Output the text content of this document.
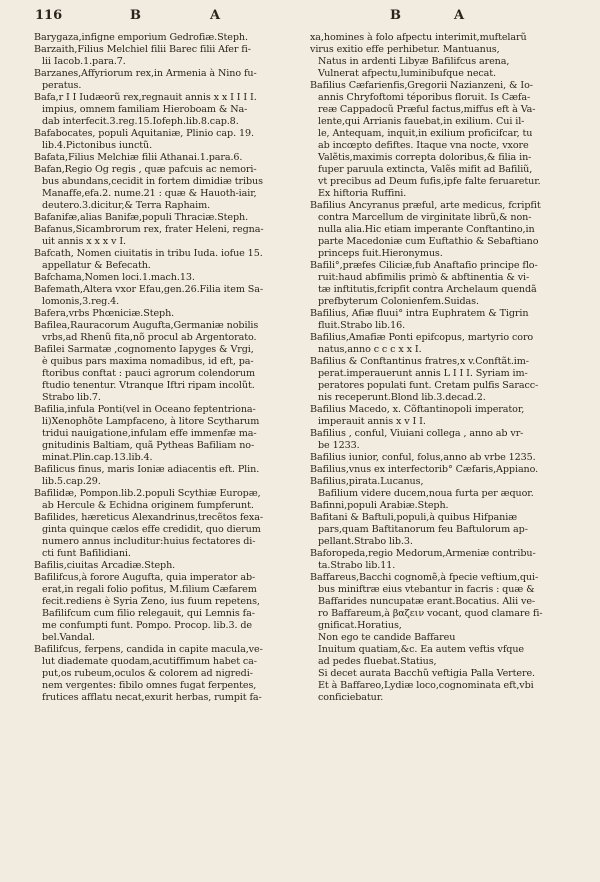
116	B	A	B	A
Barygaza,infigne emporium Gedrofiæ.Steph.
Barzaith,Filius Melchiel filii Barec filii Afer fi-
lii Iacob.1.para.7.
Barzanes,Affyriorum rex,in Armenia à Nino fu-
peratus.
Bafa,r I I Iudæorũ rex,regnauit annis x x I I I I.
impius, omnem familiam Hieroboam & Na-
dab interfecit.3.reg.15.Iofeph.lib.8.cap.8.
Bafabocates, populi Aquitaniæ, Plinio cap. 19.
lib.4.Pictonibus iunctũ.
Bafata,Filius Melchiæ filii Athanai.1.para.6.
Bafan,Regio Og regis , quæ pafcuis ac nemori-
bus abundans,cecidit in fortem dimidiæ tribus
Manaffe,efa.2. nume.21 : quæ & Hauoth-iair,
deutero.3.dicitur,& Terra Raphaim.
Bafanifæ,alias Banifæ,populi Thraciæ.Steph.
Bafanus,Sicambrorum rex, frater Heleni, regna-
uit annis x x x v I.
Bafcath, Nomen ciuitatis in tribu Iuda. iofue 15.
appellatur & Befecath.
Bafchama,Nomen loci.1.mach.13.
Bafemath,Altera vxor Efau,gen.26.Filia item Sa-
lomonis,3.reg.4.
Bafera,vrbs Phœniciæ.Steph.
Bafilea,Rauracorum Augufta,Germaniæ nobilis
vrbs,ad Rhenũ fita,nõ procul ab Argentorato.
Bafilei Sarmatæ ,cognomento Iapyges & Vrgi,
è quibus pars maxima nomadibus, id eft, pa-
ftoribus conftat : pauci agrorum colendorum
ftudio tenentur. Vtranque Iftri ripam incolũt.
Strabo lib.7.
Bafilia,infula Ponti(vel in Oceano feptentriona-
li)Xenophõte Lampfaceno, à litore Scytharum
tridui nauigatione,infulam effe immenfæ ma-
gnitudinis Baltiam, quã Pytheas Bafiliam no-
minat.Plin.cap.13.lib.4.
Bafilicus finus, maris Ioniæ adiacentis eft. Plin.
lib.5.cap.29.
Bafilidæ, Pompon.lib.2.populi Scythiæ Europæ,
ab Hercule & Echidna originem fumpferunt.
Bafilides, hæreticus Alexandrinus,trecẽtos fexa-
ginta quinque cælos effe credidit, quo dierum
numero annus includitur:huius fectatores di-
cti funt Bafilidiani.
Bafilis,ciuitas Arcadiæ.Steph.
Bafilifcus,à forore Augufta, quia imperator ab-
erat,in regali folio pofitus, M.filium Cæfarem
fecit.rediens è Syria Zeno, ius fuum repetens,
Bafilifcum cum filio relegauit, qui Lemnis fa-
me confumpti funt. Pompo. Procop. lib.3. de
bel.Vandal.
Bafilifcus, ferpens, candida in capite macula,ve-
lut diademate quodam,acutiffimum habet ca-
put,os rubeum,oculos & colorem ad nigredi-
nem vergentes: fibilo omnes fugat ferpentes,
frutices afflatu necat,exurit herbas, rumpit fa-
xa,homines à folo afpectu interimit,muftelarũ
virus exitio effe perhibetur. Mantuanus,
Natus in ardenti Libyæ Bafilifcus arena,
Vulnerat afpectu,luminibufque necat.
Bafilius Cæfarienfis,Gregorii Nazianzeni, & Io-
annis Chryfoftomi téporibus floruit. Is Cæfa-
reæ Cappadocũ Præful factus,miffus eft à Va-
lente,qui Arrianis fauebat,in exilium. Cui il-
le, Antequam, inquit,in exilium proficifcar, tu
ab incœpto defiftes. Itaque vna nocte, vxore
Valẽtis,maximis correpta doloribus,& filia in-
fuper paruula extincta, Valẽs mifit ad Bafiliũ,
vt precibus ad Deum fufis,ipfe falte feruaretur.
Ex hiftoria Ruffini.
Bafilius Ancyranus præful, arte medicus, fcripfit
contra Marcellum de virginitate librũ,& non-
nulla alia.Hic etiam imperante Conftantino,in
parte Macedoniæ cum Euftathio & Sebaftiano
princeps fuit.Hieronymus.
Bafili°,præfes Ciliciæ,fub Anaftafio principe flo-
ruit:haud abfimilis primò & abftinentia & vi-
tæ inftitutis,fcripfit contra Archelaum quendã
prefbyterum Colonienfem.Suidas.
Bafilius, Afiæ fluui° intra Euphratem & Tigrin
fluit.Strabo lib.16.
Bafilius,Amafiæ Ponti epifcopus, martyrio coro
natus,anno c c c x x I.
Bafilius & Conftantinus fratres,x v.Conftãt.im-
perat.imperauerunt annis L I I I. Syriam im-
peratores populati funt. Cretam pulfis Saracc-
nis receperunt.Blond lib.3.decad.2.
Bafilius Macedo, x. Cõftantinopoli imperator,
imperauit annis x v I I.
Bafilius , conful, Viuiani collega , anno ab vr-
be 1233.
Bafilius iunior, conful, folus,anno ab vrbe 1235.
Bafilius,vnus ex interfectorib° Cæfaris,Appiano.
Bafilius,pirata.Lucanus,
Bafilium videre ducem,noua furta per æquor.
Bafinni,populi Arabiæ.Steph.
Bafitani & Baftuli,populi,à quibus Hifpaniæ
pars,quam Baftitanorum feu Baftulorum ap-
pellant.Strabo lib.3.
Baforopeda,regio Medorum,Armeniæ contribu-
ta.Strabo lib.11.
Baffareus,Bacchi cognomẽ,à fpecie veftium,qui-
bus miniftræ eius vtebantur in facris : quæ &
Baffarides nuncupatæ erant.Bocatius. Alii ve-
ro Baffareum,à βαζειν vocant, quod clamare fi-
gnificat.Horatius,
Non ego te candide Baffareu
Inuitum quatiam,&c. Ea autem veftis vfque
ad pedes fluebat.Statius,
Si decet aurata Bacchũ veftigia Palla Vertere.
Et à Baffareo,Lydiæ loco,cognominata eft,vbi
conficiebatur.
